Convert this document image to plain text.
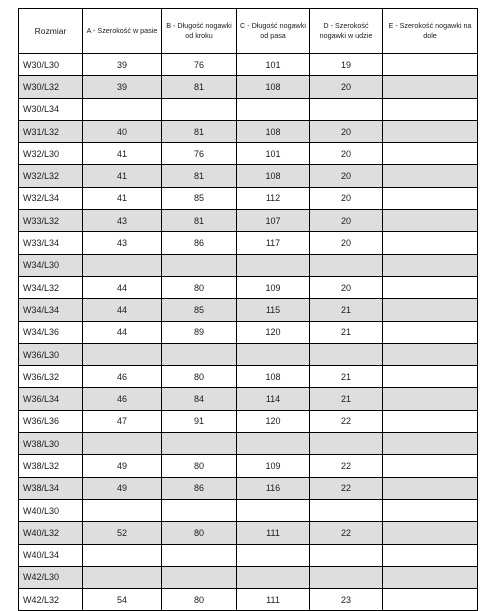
Rozmiar	A - Szerokość w pasie	B - Długość nogawki od kroku	C - Długość nogawki od pasa	D - Szerokość nogawki w udzie	E - Szerokość nogawki na dole
W30/L30	39	76	101	19	
W30/L32	39	81	108	20	
W30/L34					
W31/L32	40	81	108	20	
W32/L30	41	76	101	20	
W32/L32	41	81	108	20	
W32/L34	41	85	112	20	
W33/L32	43	81	107	20	
W33/L34	43	86	117	20	
W34/L30					
W34/L32	44	80	109	20	
W34/L34	44	85	115	21	
W34/L36	44	89	120	21	
W36/L30					
W36/L32	46	80	108	21	
W36/L34	46	84	114	21	
W36/L36	47	91	120	22	
W38/L30					
W38/L32	49	80	109	22	
W38/L34	49	86	116	22	
W40/L30					
W40/L32	52	80	111	22	
W40/L34					
W42/L30					
W42/L32	54	80	111	23	
